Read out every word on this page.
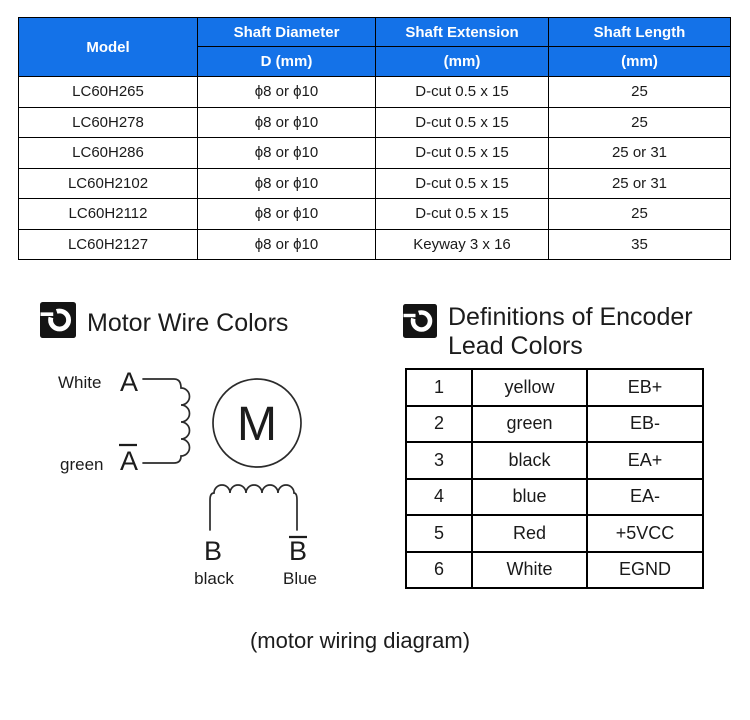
Model	Shaft Diameter	Shaft Extension	Shaft Length
	D (mm)	(mm)	(mm)
LC60H265	ϕ8 or ϕ10	D-cut 0.5 x 15	25
LC60H278	ϕ8 or ϕ10	D-cut 0.5 x 15	25
LC60H286	ϕ8 or ϕ10	D-cut 0.5 x 15	25 or 31
LC60H2102	ϕ8 or ϕ10	D-cut 0.5 x 15	25 or 31
LC60H2112	ϕ8 or ϕ10	D-cut 0.5 x 15	25
LC60H2127	ϕ8 or ϕ10	Keyway 3 x 16	35
Motor Wire Colors	Definitions of Encoder
Lead Colors
1	yellow	EB+
2	green	EB-
3	black	EA+
4	blue	EA-
5	Red	+5VCC
6	White	EGND
M
White A
green A
B B
black	Blue
(motor wiring diagram)
